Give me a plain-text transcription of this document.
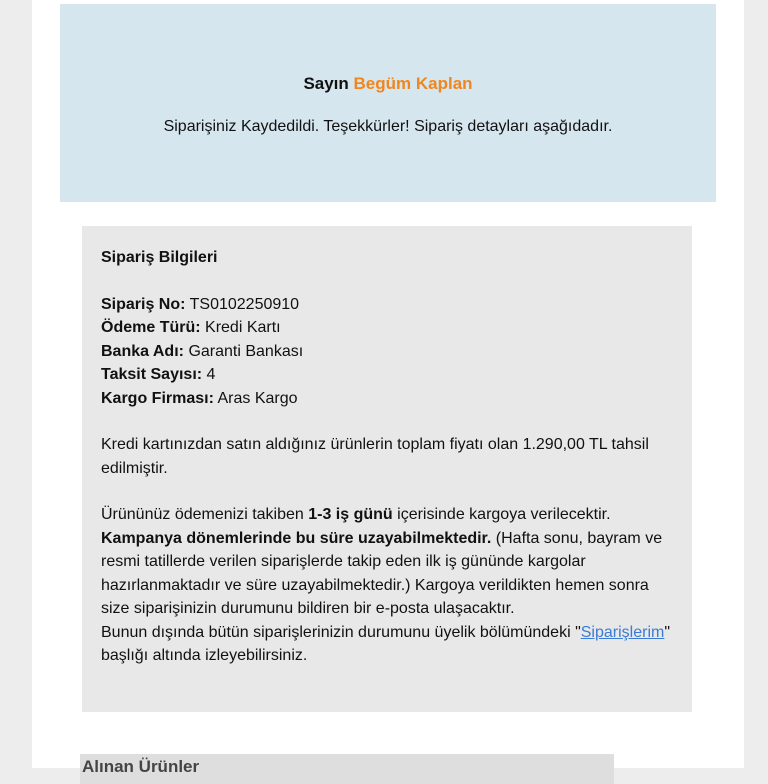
Sayın Begüm Kaplan
Siparişiniz Kaydedildi. Teşekkürler! Sipariş detayları aşağıdadır.
Sipariş Bilgileri
Sipariş No: TS0102250910
Ödeme Türü: Kredi Kartı
Banka Adı: Garanti Bankası
Taksit Sayısı: 4
Kargo Firması: Aras Kargo
Kredi kartınızdan satın aldığınız ürünlerin toplam fiyatı olan 1.290,00 TL tahsil edilmiştir.
Ürününüz ödemenizi takiben 1-3 iş günü içerisinde kargoya verilecektir. Kampanya dönemlerinde bu süre uzayabilmektedir. (Hafta sonu, bayram ve resmi tatillerde verilen siparişlerde takip eden ilk iş gününde kargolar hazırlanmaktadır ve süre uzayabilmektedir.) Kargoya verildikten hemen sonra size siparişinizin durumunu bildiren bir e-posta ulaşacaktır.
Bunun dışında bütün siparişlerinizin durumunu üyelik bölümündeki "Siparişlerim" başlığı altında izleyebilirsiniz.
Alınan Ürünler
